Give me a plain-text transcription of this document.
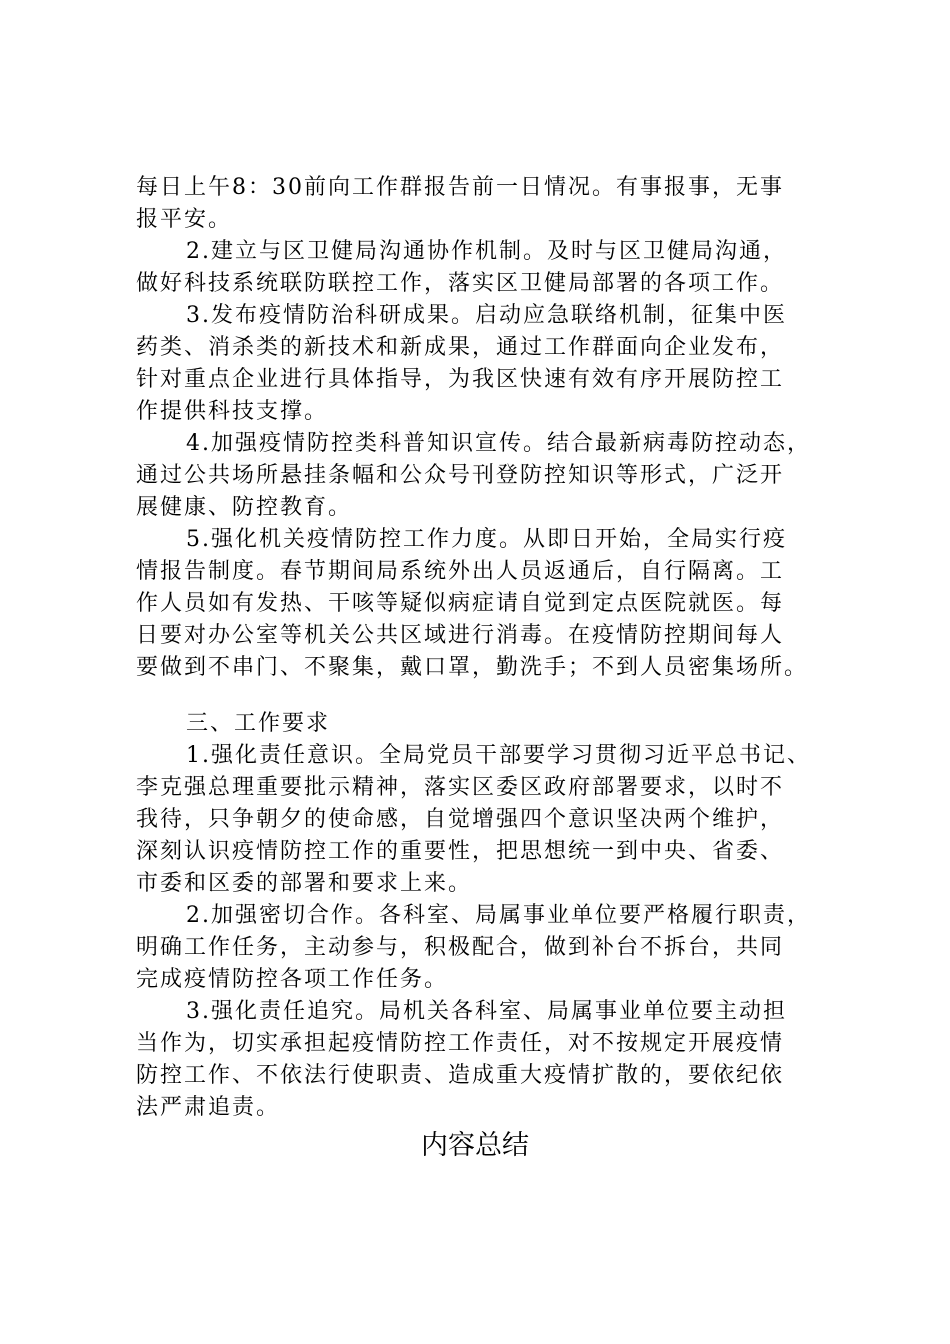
每日上午8：30前向工作群报告前一日情况。有事报事，无事
报平安。
2.建立与区卫健局沟通协作机制。及时与区卫健局沟通，
做好科技系统联防联控工作，落实区卫健局部署的各项工作。
3.发布疫情防治科研成果。启动应急联络机制，征集中医
药类、消杀类的新技术和新成果，通过工作群面向企业发布，
针对重点企业进行具体指导，为我区快速有效有序开展防控工
作提供科技支撑。
4.加强疫情防控类科普知识宣传。结合最新病毒防控动态，
通过公共场所悬挂条幅和公众号刊登防控知识等形式，广泛开
展健康、防控教育。
5.强化机关疫情防控工作力度。从即日开始，全局实行疫
情报告制度。春节期间局系统外出人员返通后，自行隔离。工
作人员如有发热、干咳等疑似病症请自觉到定点医院就医。每
日要对办公室等机关公共区域进行消毒。在疫情防控期间每人
要做到不串门、不聚集，戴口罩，勤洗手；不到人员密集场所。
三、工作要求
1.强化责任意识。全局党员干部要学习贯彻习近平总书记、
李克强总理重要批示精神，落实区委区政府部署要求，以时不
我待，只争朝夕的使命感，自觉增强四个意识坚决两个维护，
深刻认识疫情防控工作的重要性，把思想统一到中央、省委、
市委和区委的部署和要求上来。
2.加强密切合作。各科室、局属事业单位要严格履行职责，
明确工作任务，主动参与，积极配合，做到补台不拆台，共同
完成疫情防控各项工作任务。
3.强化责任追究。局机关各科室、局属事业单位要主动担
当作为，切实承担起疫情防控工作责任，对不按规定开展疫情
防控工作、不依法行使职责、造成重大疫情扩散的，要依纪依
法严肃追责。
内容总结
